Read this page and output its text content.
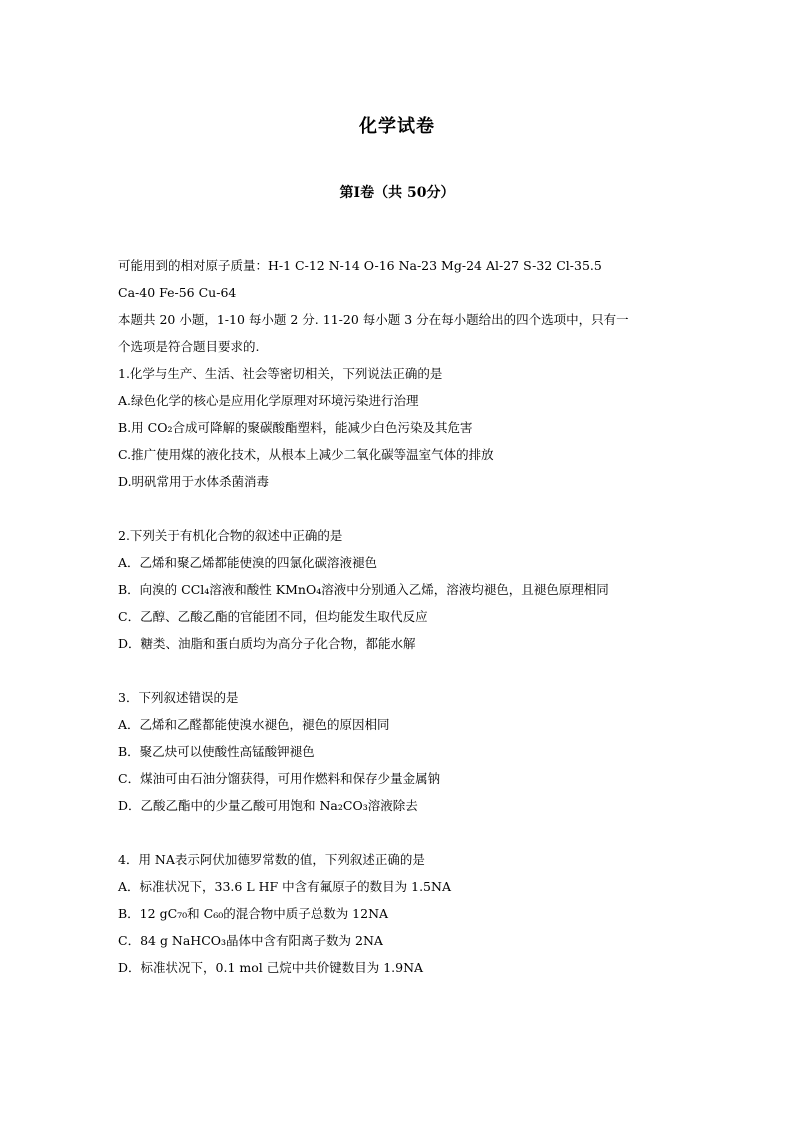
化学试卷
第Ⅰ卷（共 50分）
可能用到的相对原子质量：H-1 C-12 N-14 O-16 Na-23 Mg-24 Al-27 S-32 Cl-35.5
Ca-40 Fe-56 Cu-64
本题共 20 小题，1-10 每小题 2 分. 11-20 每小题 3 分在每小题给出的四个选项中，只有一
个选项是符合题目要求的.
1.化学与生产、生活、社会等密切相关，下列说法正确的是
A.绿色化学的核心是应用化学原理对环境污染进行治理
B.用 CO₂合成可降解的聚碳酸酯塑料，能减少白色污染及其危害
C.推广使用煤的液化技术，从根本上减少二氧化碳等温室气体的排放
D.明矾常用于水体杀菌消毒
2.下列关于有机化合物的叙述中正确的是
A．乙烯和聚乙烯都能使溴的四氯化碳溶液褪色
B．向溴的 CCl₄溶液和酸性 KMnO₄溶液中分别通入乙烯，溶液均褪色，且褪色原理相同
C．乙醇、乙酸乙酯的官能团不同，但均能发生取代反应
D．糖类、油脂和蛋白质均为高分子化合物，都能水解
3．下列叙述错误的是
A．乙烯和乙醛都能使溴水褪色，褪色的原因相同
B．聚乙炔可以使酸性高锰酸钾褪色
C．煤油可由石油分馏获得，可用作燃料和保存少量金属钠
D．乙酸乙酯中的少量乙酸可用饱和 Na₂CO₃溶液除去
4．用 NA表示阿伏加德罗常数的值，下列叙述正确的是
A．标准状况下，33.6 L HF 中含有氟原子的数目为 1.5NA
B．12 gC₇₀和 C₆₀的混合物中质子总数为 12NA
C．84 g NaHCO₃晶体中含有阳离子数为 2NA
D．标准状况下，0.1 mol 己烷中共价键数目为 1.9NA
